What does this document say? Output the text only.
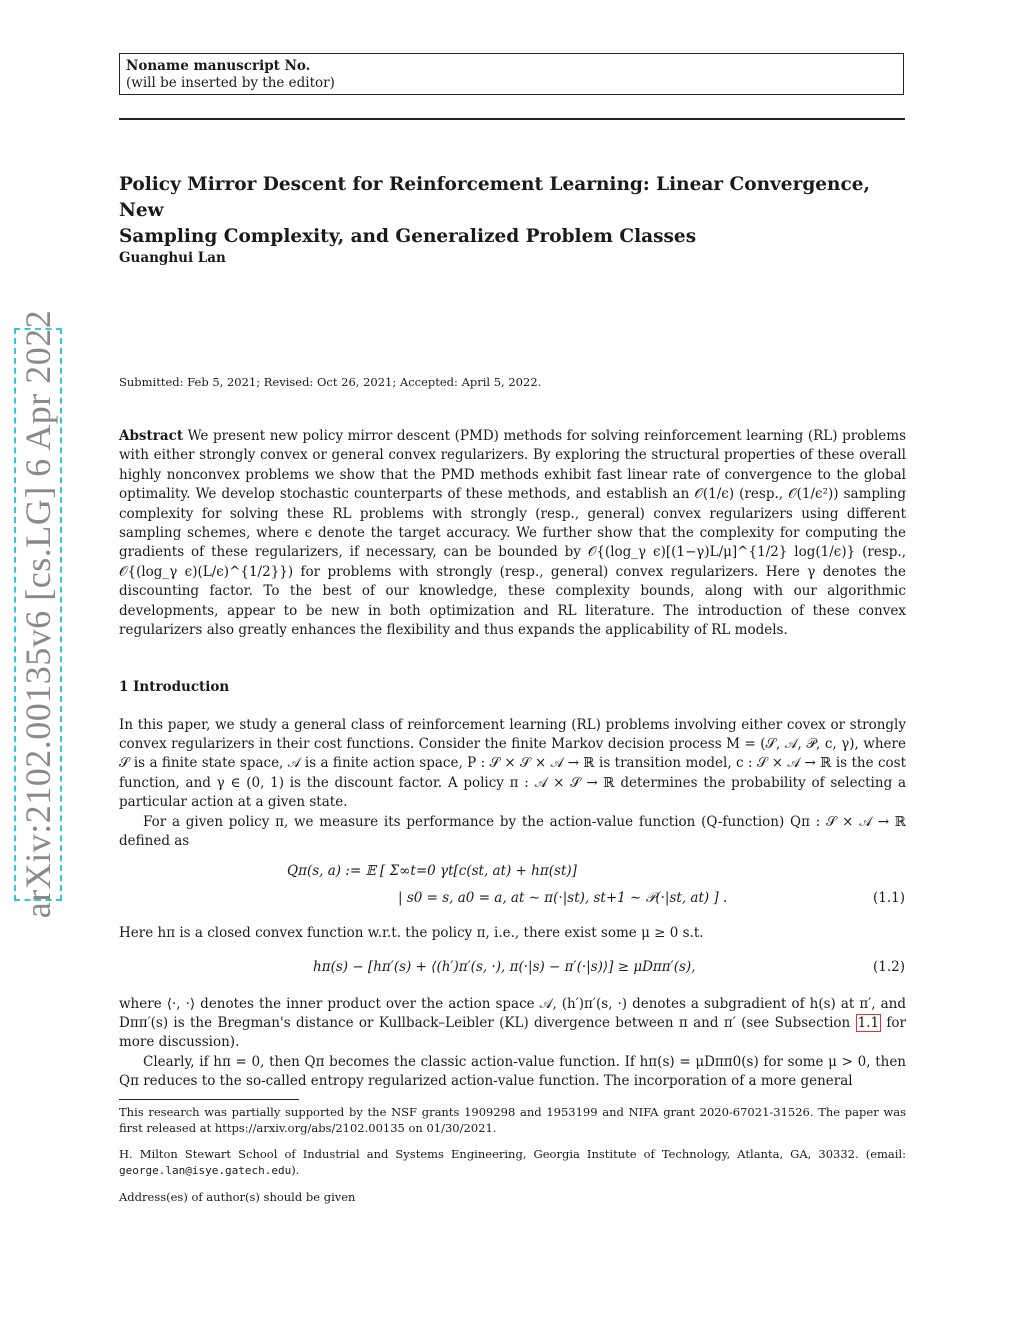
Noname manuscript No.
(will be inserted by the editor)
arXiv:2102.00135v6 [cs.LG] 6 Apr 2022
Policy Mirror Descent for Reinforcement Learning: Linear Convergence, New
Sampling Complexity, and Generalized Problem Classes
Guanghui Lan
Submitted: Feb 5, 2021; Revised: Oct 26, 2021; Accepted: April 5, 2022.
Abstract We present new policy mirror descent (PMD) methods for solving reinforcement learning (RL) problems with either strongly convex or general convex regularizers. By exploring the structural properties of these overall highly nonconvex problems we show that the PMD methods exhibit fast linear rate of convergence to the global optimality. We develop stochastic counterparts of these methods, and establish an 𝒪(1/ϵ) (resp., 𝒪(1/ϵ²)) sampling complexity for solving these RL problems with strongly (resp., general) convex regularizers using different sampling schemes, where ϵ denote the target accuracy. We further show that the complexity for computing the gradients of these regularizers, if necessary, can be bounded by 𝒪{(log_γ ϵ)[(1−γ)L/μ]^{1/2} log(1/ϵ)} (resp., 𝒪{(log_γ ϵ)(L/ϵ)^{1/2}}) for problems with strongly (resp., general) convex regularizers. Here γ denotes the discounting factor. To the best of our knowledge, these complexity bounds, along with our algorithmic developments, appear to be new in both optimization and RL literature. The introduction of these convex regularizers also greatly enhances the flexibility and thus expands the applicability of RL models.
1 Introduction
In this paper, we study a general class of reinforcement learning (RL) problems involving either covex or strongly convex regularizers in their cost functions. Consider the finite Markov decision process M = (𝒮, 𝒜, 𝒫, c, γ), where 𝒮 is a finite state space, 𝒜 is a finite action space, P : 𝒮 × 𝒮 × 𝒜 → ℝ is transition model, c : 𝒮 × 𝒜 → ℝ is the cost function, and γ ∈ (0, 1) is the discount factor. A policy π : 𝒜 × 𝒮 → ℝ determines the probability of selecting a particular action at a given state.
For a given policy π, we measure its performance by the action-value function (Q-function) Qπ : 𝒮 × 𝒜 → ℝ defined as
Qπ(s, a) := 𝔼 [ Σ∞t=0 γt[c(st, at) + hπ(st)]
| s0 = s, a0 = a, at ∼ π(·|st), st+1 ∼ 𝒫(·|st, at) ] .	(1.1)
Here hπ is a closed convex function w.r.t. the policy π, i.e., there exist some μ ≥ 0 s.t.
hπ(s) − [hπ′(s) + ⟨(h′)π′(s, ·), π(·|s) − π′(·|s)⟩] ≥ μDππ′(s),	(1.2)
where ⟨·, ·⟩ denotes the inner product over the action space 𝒜, (h′)π′(s, ·) denotes a subgradient of h(s) at π′, and Dππ′(s) is the Bregman's distance or Kullback–Leibler (KL) divergence between π and π′ (see Subsection 1.1 for more discussion).
Clearly, if hπ = 0, then Qπ becomes the classic action-value function. If hπ(s) = μDππ0(s) for some μ > 0, then Qπ reduces to the so-called entropy regularized action-value function. The incorporation of a more general
This research was partially supported by the NSF grants 1909298 and 1953199 and NIFA grant 2020-67021-31526. The paper was first released at https://arxiv.org/abs/2102.00135 on 01/30/2021.
H. Milton Stewart School of Industrial and Systems Engineering, Georgia Institute of Technology, Atlanta, GA, 30332. (email: george.lan@isye.gatech.edu).
Address(es) of author(s) should be given
